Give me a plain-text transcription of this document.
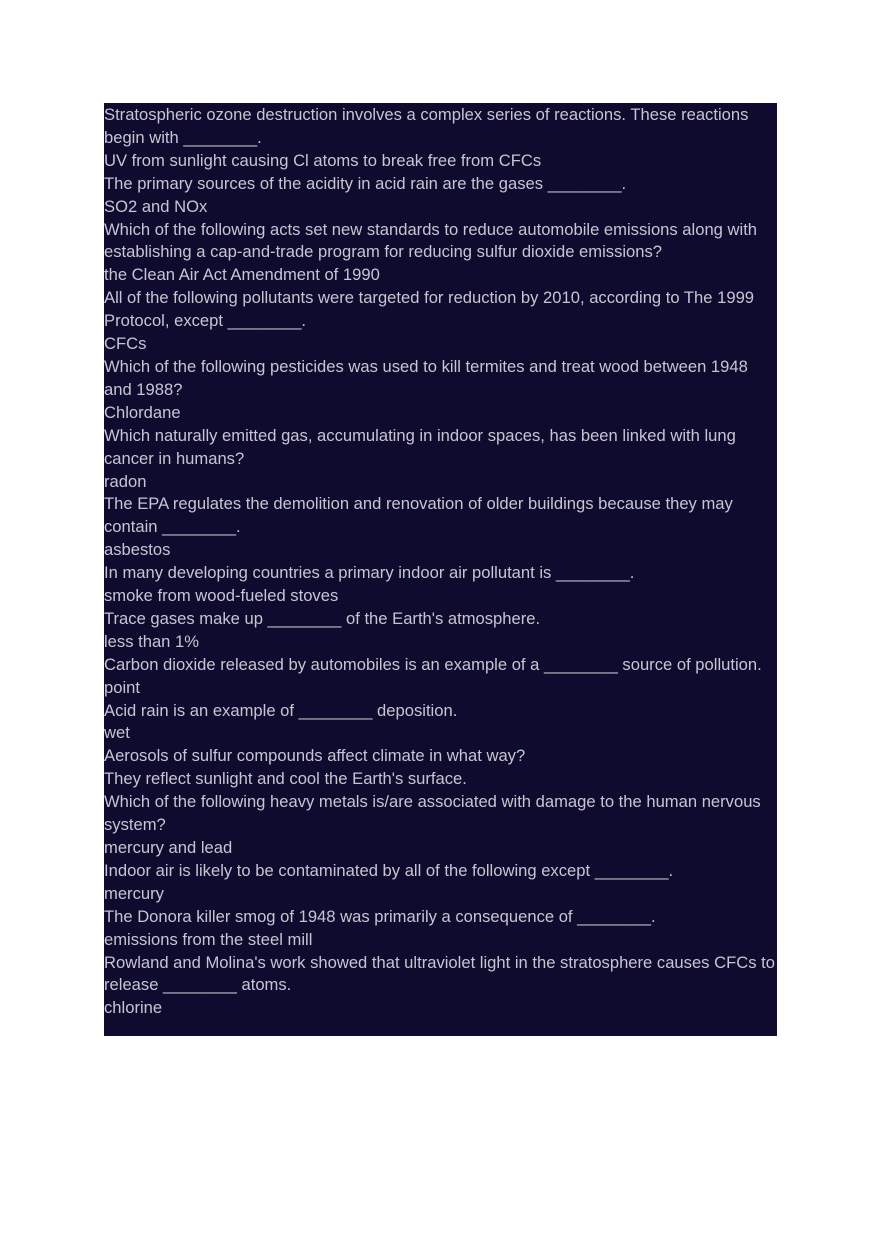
Stratospheric ozone destruction involves a complex series of reactions. These reactions begin with ________.
UV from sunlight causing Cl atoms to break free from CFCs
The primary sources of the acidity in acid rain are the gases ________.
SO2 and NOx
Which of the following acts set new standards to reduce automobile emissions along with establishing a cap-and-trade program for reducing sulfur dioxide emissions?
the Clean Air Act Amendment of 1990
All of the following pollutants were targeted for reduction by 2010, according to The 1999 Protocol, except ________.
CFCs
Which of the following pesticides was used to kill termites and treat wood between 1948 and 1988?
Chlordane
Which naturally emitted gas, accumulating in indoor spaces, has been linked with lung cancer in humans?
radon
The EPA regulates the demolition and renovation of older buildings because they may contain ________.
asbestos
In many developing countries a primary indoor air pollutant is ________.
smoke from wood-fueled stoves
Trace gases make up ________ of the Earth's atmosphere.
less than 1%
Carbon dioxide released by automobiles is an example of a ________ source of pollution.
point
Acid rain is an example of ________ deposition.
wet
Aerosols of sulfur compounds affect climate in what way?
They reflect sunlight and cool the Earth's surface.
Which of the following heavy metals is/are associated with damage to the human nervous system?
mercury and lead
Indoor air is likely to be contaminated by all of the following except ________.
mercury
The Donora killer smog of 1948 was primarily a consequence of ________.
emissions from the steel mill
Rowland and Molina's work showed that ultraviolet light in the stratosphere causes CFCs to release ________ atoms.
chlorine
